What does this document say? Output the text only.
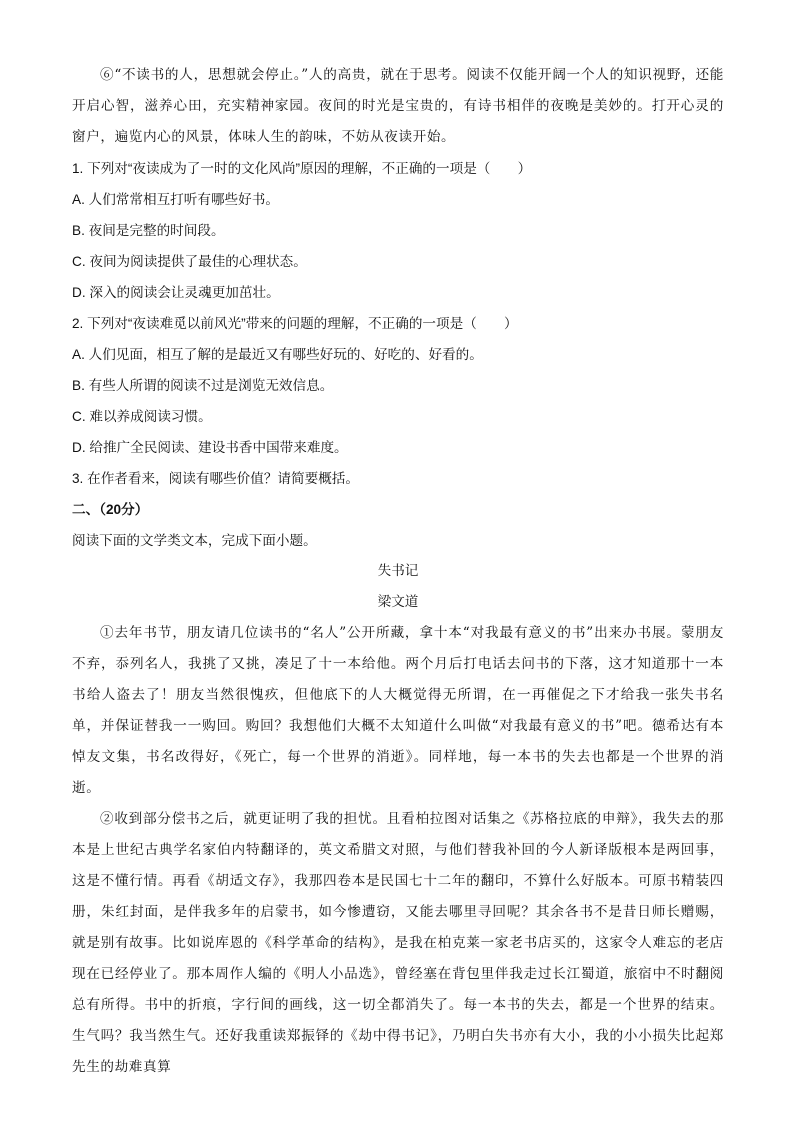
⑥“不读书的人，思想就会停止。”人的高贵，就在于思考。阅读不仅能开阔一个人的知识视野，还能开启心智，滋养心田，充实精神家园。夜间的时光是宝贵的，有诗书相伴的夜晚是美妙的。打开心灵的窗户，遍览内心的风景，体味人生的韵味，不妨从夜读开始。

1. 下列对“夜读成为了一时的文化风尚”原因的理解，不正确的一项是（　　）

A. 人们常常相互打听有哪些好书。

B. 夜间是完整的时间段。

C. 夜间为阅读提供了最佳的心理状态。

D. 深入的阅读会让灵魂更加茁壮。

2. 下列对“夜读难觅以前风光”带来的问题的理解，不正确的一项是（　　）

A. 人们见面，相互了解的是最近又有哪些好玩的、好吃的、好看的。

B. 有些人所谓的阅读不过是浏览无效信息。

C. 难以养成阅读习惯。

D. 给推广全民阅读、建设书香中国带来难度。

3. 在作者看来，阅读有哪些价值？请简要概括。

二、（20分）

阅读下面的文学类文本，完成下面小题。

失书记

梁文道

①去年书节，朋友请几位读书的“名人”公开所藏，拿十本“对我最有意义的书”出来办书展。蒙朋友不弃，忝列名人，我挑了又挑，凑足了十一本给他。两个月后打电话去问书的下落，这才知道那十一本书给人盗去了！朋友当然很愧疚，但他底下的人大概觉得无所谓，在一再催促之下才给我一张失书名单，并保证替我一一购回。购回？我想他们大概不太知道什么叫做“对我最有意义的书”吧。德希达有本悼友文集，书名改得好，《死亡，每一个世界的消逝》。同样地，每一本书的失去也都是一个世界的消逝。

②收到部分偿书之后，就更证明了我的担忧。且看柏拉图对话集之《苏格拉底的申辩》，我失去的那本是上世纪古典学名家伯内特翻译的，英文希腊文对照，与他们替我补回的今人新译版根本是两回事，这是不懂行情。再看《胡适文存》，我那四卷本是民国七十二年的翻印，不算什么好版本。可原书精装四册，朱红封面，是伴我多年的启蒙书，如今惨遭窃，又能去哪里寻回呢？其余各书不是昔日师长赠赐，就是别有故事。比如说库恩的《科学革命的结构》，是我在柏克莱一家老书店买的，这家令人难忘的老店现在已经停业了。那本周作人编的《明人小品选》，曾经塞在背包里伴我走过长江蜀道，旅宿中不时翻阅总有所得。书中的折痕，字行间的画线，这一切全都消失了。每一本书的失去，都是一个世界的结束。生气吗？我当然生气。还好我重读郑振铎的《劫中得书记》，乃明白失书亦有大小，我的小小损失比起郑先生的劫难真算
